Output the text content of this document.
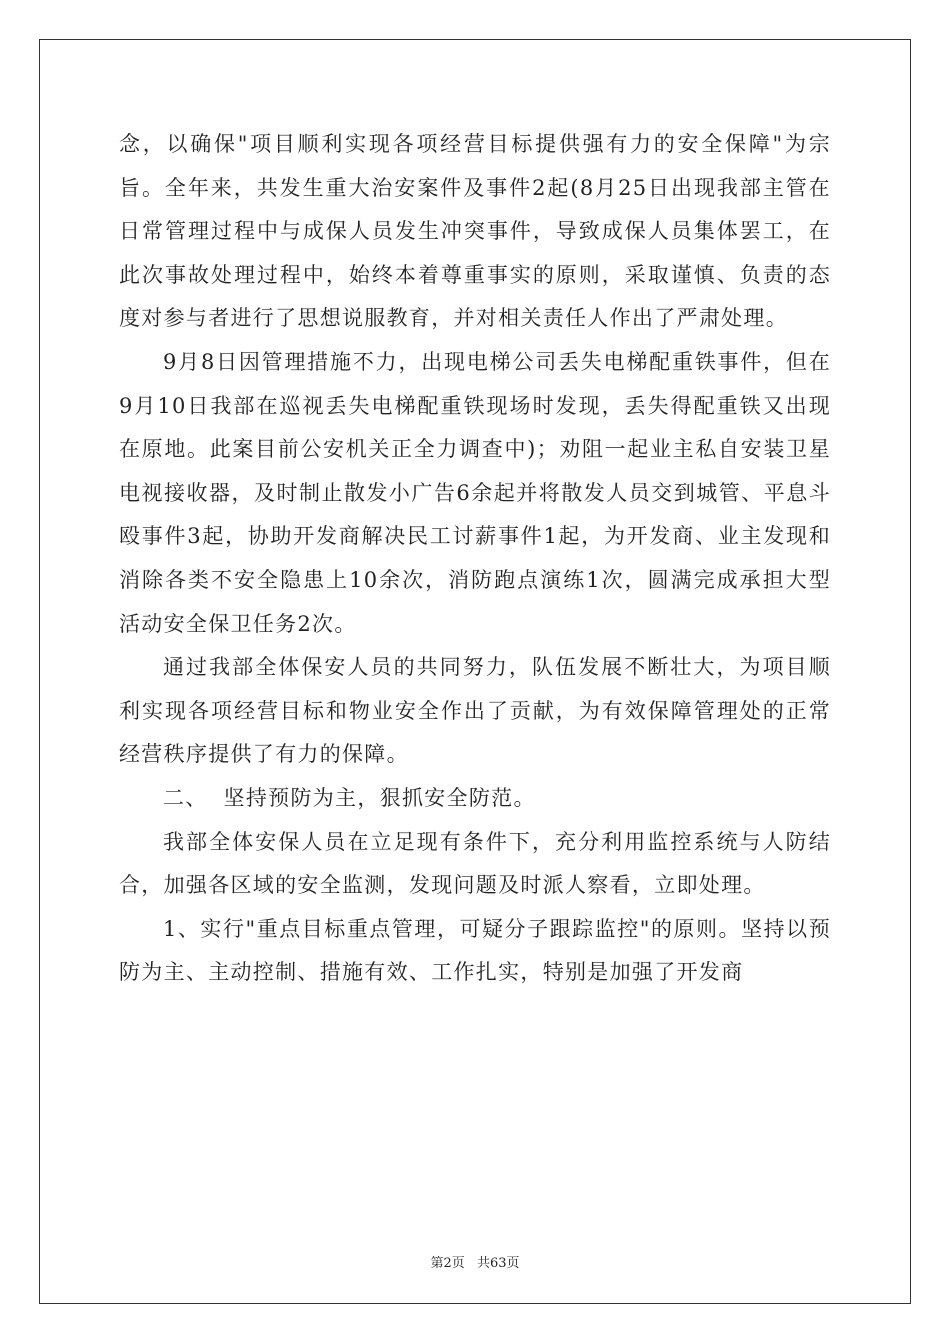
念，以确保"项目顺利实现各项经营目标提供强有力的安全保障"为宗旨。全年来，共发生重大治安案件及事件2起(8月25日出现我部主管在日常管理过程中与成保人员发生冲突事件，导致成保人员集体罢工，在此次事故处理过程中，始终本着尊重事实的原则，采取谨慎、负责的态度对参与者进行了思想说服教育，并对相关责任人作出了严肃处理。

9月8日因管理措施不力，出现电梯公司丢失电梯配重铁事件，但在9月10日我部在巡视丢失电梯配重铁现场时发现，丢失得配重铁又出现在原地。此案目前公安机关正全力调查中)；劝阻一起业主私自安装卫星电视接收器，及时制止散发小广告6余起并将散发人员交到城管、平息斗殴事件3起，协助开发商解决民工讨薪事件1起，为开发商、业主发现和消除各类不安全隐患上10余次，消防跑点演练1次，圆满完成承担大型活动安全保卫任务2次。

通过我部全体保安人员的共同努力，队伍发展不断壮大，为项目顺利实现各项经营目标和物业安全作出了贡献，为有效保障管理处的正常经营秩序提供了有力的保障。

二、  坚持预防为主，狠抓安全防范。

我部全体安保人员在立足现有条件下，充分利用监控系统与人防结合，加强各区域的安全监测，发现问题及时派人察看，立即处理。

1、实行"重点目标重点管理，可疑分子跟踪监控"的原则。坚持以预防为主、主动控制、措施有效、工作扎实，特别是加强了开发商

第2页 共63页
